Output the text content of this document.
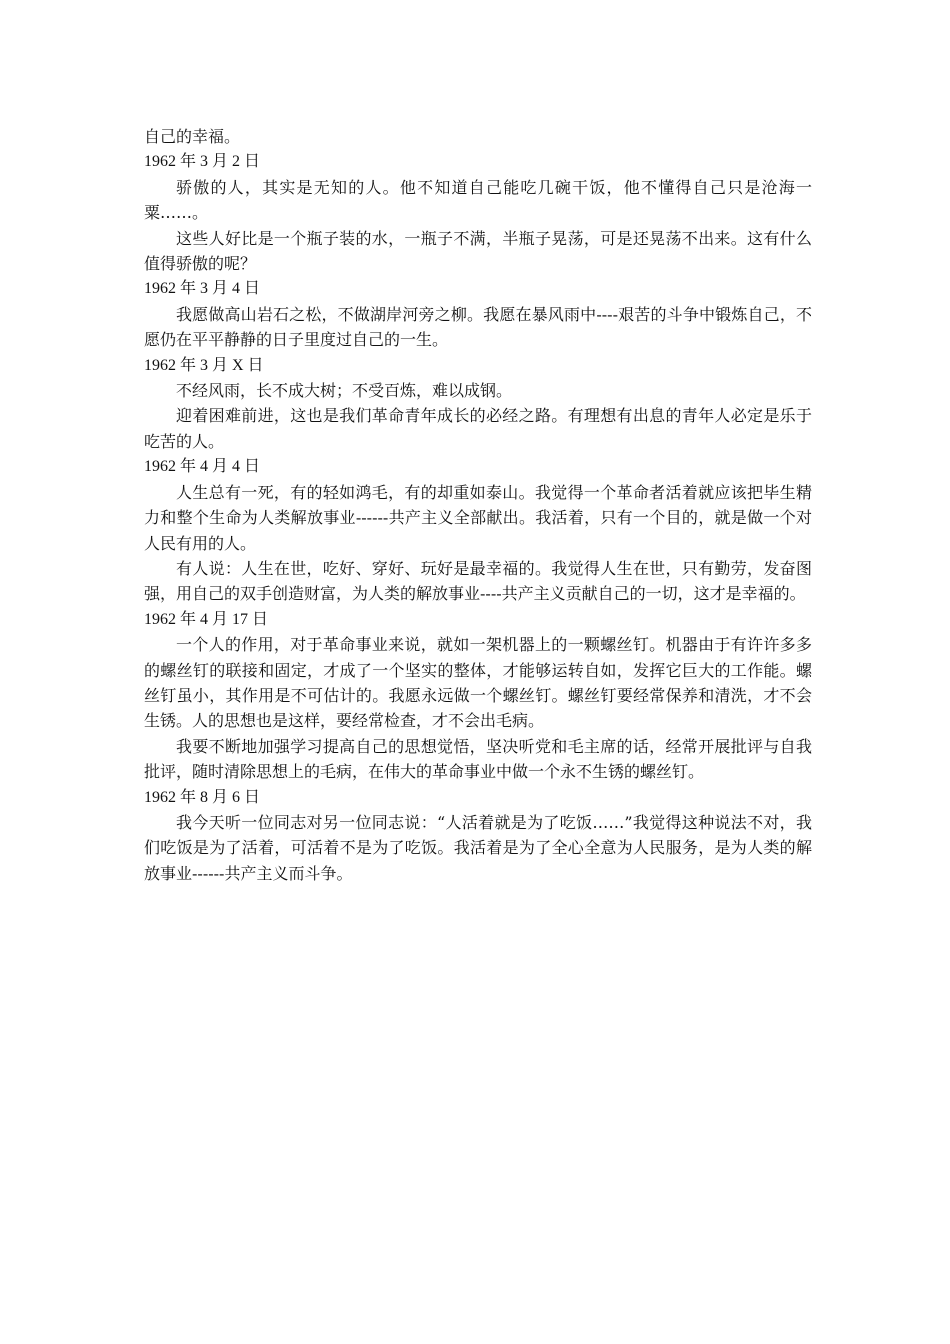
自己的幸福。

1962 年 3 月 2 日

骄傲的人，其实是无知的人。他不知道自己能吃几碗干饭，他不懂得自己只是沧海一粟……。

这些人好比是一个瓶子装的水，一瓶子不满，半瓶子晃荡，可是还晃荡不出来。这有什么值得骄傲的呢？

1962 年 3 月 4 日

我愿做高山岩石之松，不做湖岸河旁之柳。我愿在暴风雨中----艰苦的斗争中锻炼自己，不愿仍在平平静静的日子里度过自己的一生。

1962 年 3 月 X 日

不经风雨，长不成大树；不受百炼，难以成钢。

迎着困难前进，这也是我们革命青年成长的必经之路。有理想有出息的青年人必定是乐于吃苦的人。

1962 年 4 月 4 日

人生总有一死，有的轻如鸿毛，有的却重如泰山。我觉得一个革命者活着就应该把毕生精力和整个生命为人类解放事业------共产主义全部献出。我活着，只有一个目的，就是做一个对人民有用的人。

有人说：人生在世，吃好、穿好、玩好是最幸福的。我觉得人生在世，只有勤劳，发奋图强，用自己的双手创造财富，为人类的解放事业----共产主义贡献自己的一切，这才是幸福的。

1962 年 4 月 17 日

一个人的作用，对于革命事业来说，就如一架机器上的一颗螺丝钉。机器由于有许许多多的螺丝钉的联接和固定，才成了一个坚实的整体，才能够运转自如，发挥它巨大的工作能。螺丝钉虽小，其作用是不可估计的。我愿永远做一个螺丝钉。螺丝钉要经常保养和清洗，才不会生锈。人的思想也是这样，要经常检查，才不会出毛病。

我要不断地加强学习提高自己的思想觉悟，坚决听党和毛主席的话，经常开展批评与自我批评，随时清除思想上的毛病，在伟大的革命事业中做一个永不生锈的螺丝钉。

1962 年 8 月 6 日

我今天听一位同志对另一位同志说：“人活着就是为了吃饭……”我觉得这种说法不对，我们吃饭是为了活着，可活着不是为了吃饭。我活着是为了全心全意为人民服务，是为人类的解放事业------共产主义而斗争。
